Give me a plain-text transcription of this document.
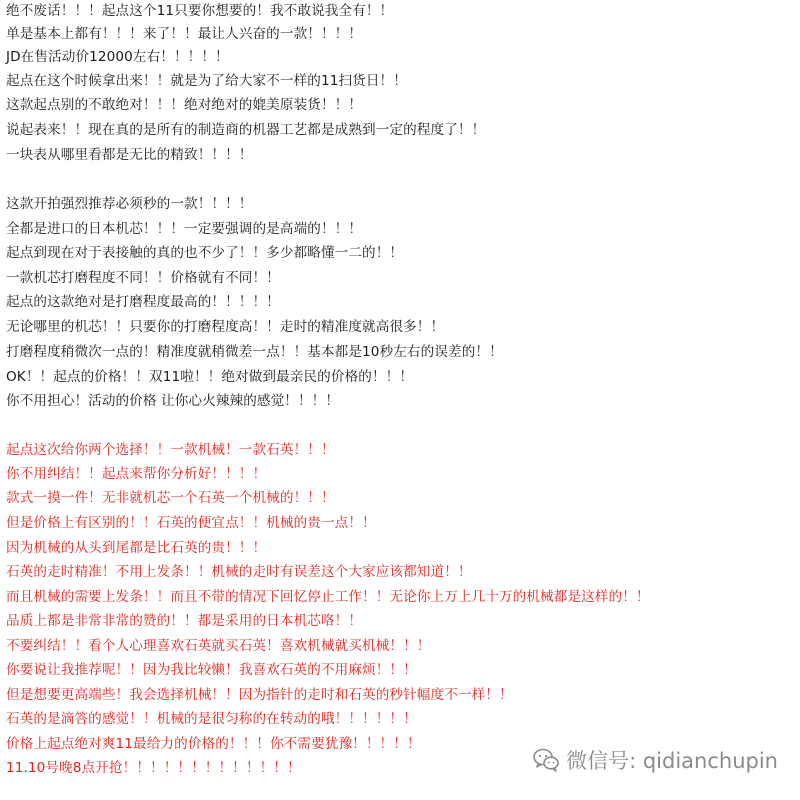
绝不废话！！！起点这个11只要你想要的！我不敢说我全有！！
单是基本上都有！！！来了！！最让人兴奋的一款！！！！
JD在售活动价12000左右！！！！！
起点在这个时候拿出来！！就是为了给大家不一样的11扫货日！！
这款起点别的不敢绝对！！！绝对绝对的媲美原装货！！！
说起表来！！现在真的是所有的制造商的机器工艺都是成熟到一定的程度了！！
一块表从哪里看都是无比的精致！！！！
这款开拍强烈推荐必须秒的一款！！！！
全都是进口的日本机芯！！！一定要强调的是高端的！！！
起点到现在对于表接触的真的也不少了！！多少都略懂一二的！！
一款机芯打磨程度不同！！价格就有不同！！
起点的这款绝对是打磨程度最高的！！！！！
无论哪里的机芯！！只要你的打磨程度高！！走时的精准度就高很多！！
打磨程度稍微次一点的！精准度就稍微差一点！！基本都是10秒左右的误差的！！
OK！！起点的价格！！双11啦！！绝对做到最亲民的价格的！！！
你不用担心！活动的价格 让你心火辣辣的感觉！！！！
起点这次给你两个选择！！一款机械！一款石英！！！
你不用纠结！！起点来帮你分析好！！！！
款式一摸一件！无非就机芯一个石英一个机械的！！！
但是价格上有区别的！！石英的便宜点！！机械的贵一点！！
因为机械的从头到尾都是比石英的贵！！！
石英的走时精准！不用上发条！！机械的走时有误差这个大家应该都知道！！
而且机械的需要上发条！！而且不带的情况下回忆停止工作！！无论你上万上几十万的机械都是这样的！！
品质上都是非常非常的赞的！！都是采用的日本机芯咯！！
不要纠结！！看个人心理喜欢石英就买石英！喜欢机械就买机械！！！
你要说让我推荐呢！！因为我比较懒！我喜欢石英的不用麻烦！！！
但是想要更高端些！我会选择机械！！因为指针的走时和石英的秒针幅度不一样！！
石英的是滴答的感觉！！机械的是很匀称的在转动的哦！！！！！！
价格上起点绝对爽11最给力的价格的！！！你不需要犹豫！！！！！
11.10号晚8点开抢！！！！！！！！！！！！！	微信号: qidianchupin
